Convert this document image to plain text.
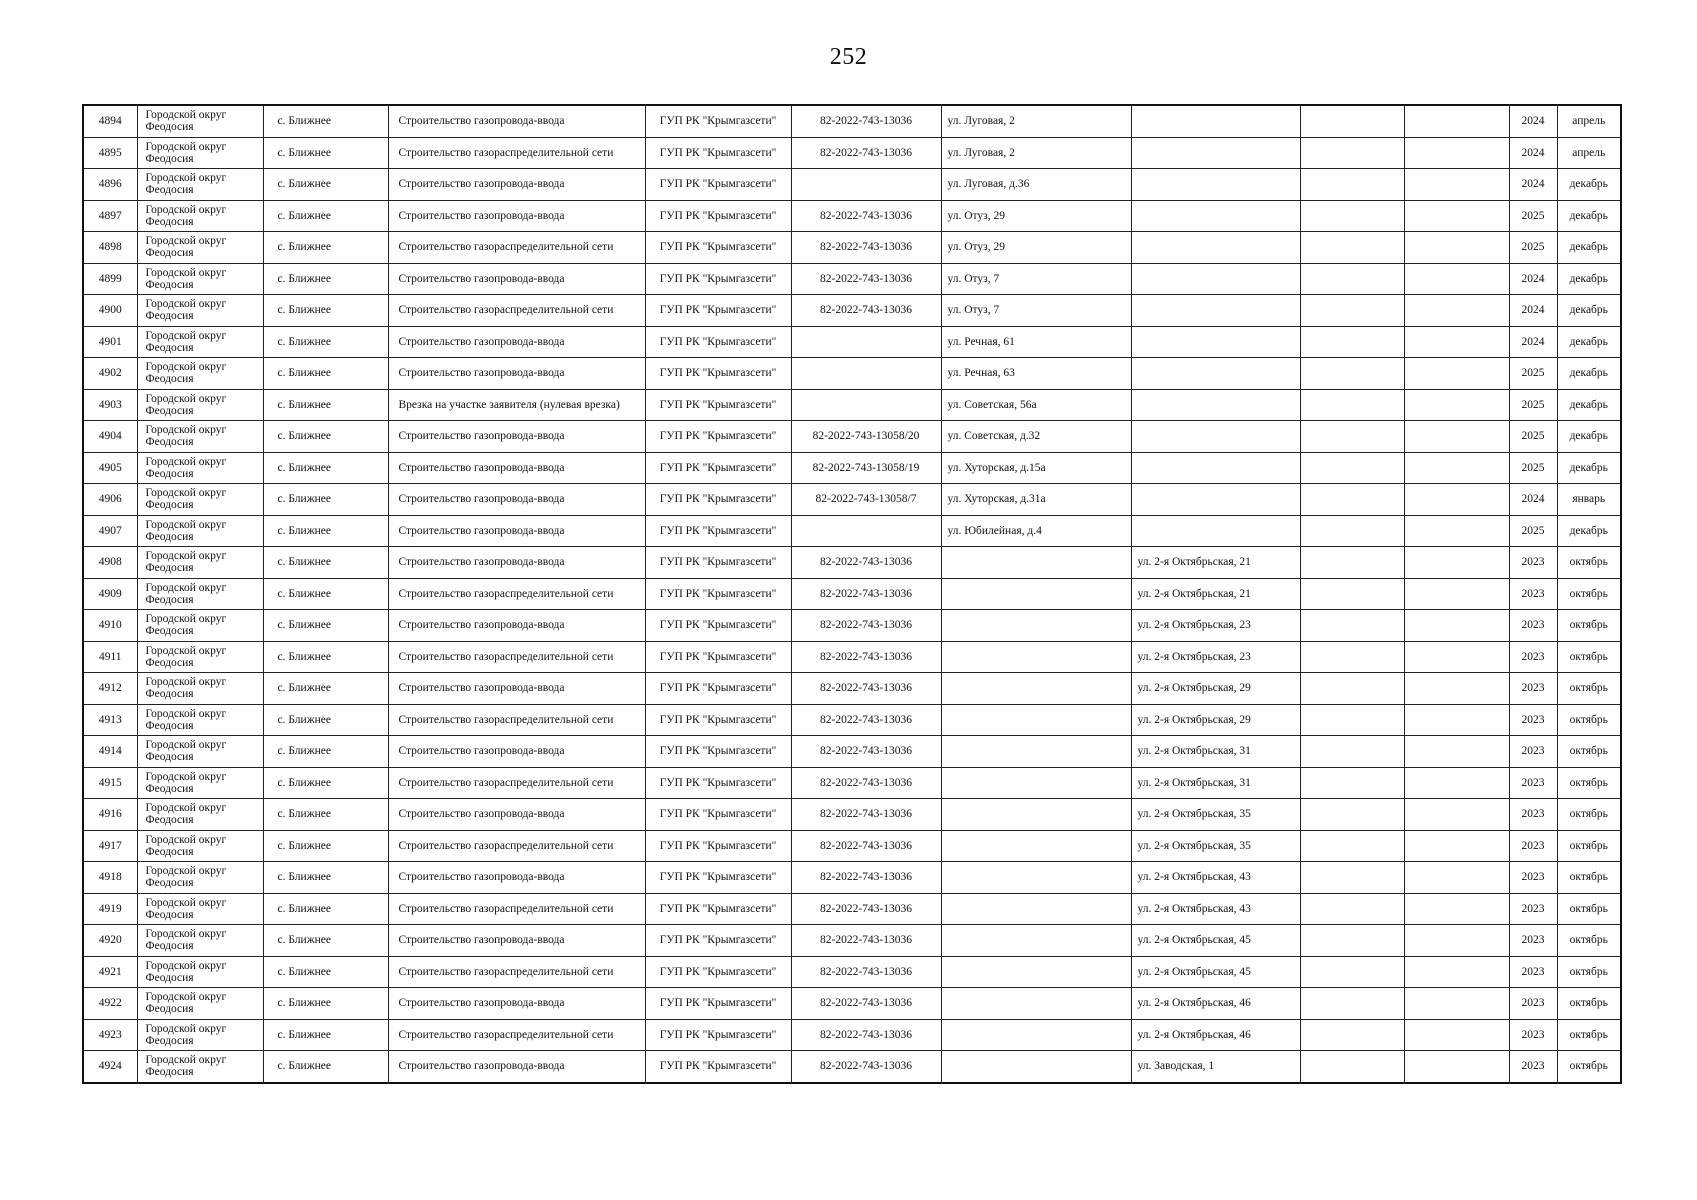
252
4894	Городской округ Феодосия	с. Ближнее	Строительство газопровода-ввода	ГУП РК "Крымгазсети"	82-2022-743-13036	ул. Луговая, 2				2024	апрель
4895	Городской округ Феодосия	с. Ближнее	Строительство газораспределительной сети	ГУП РК "Крымгазсети"	82-2022-743-13036	ул. Луговая, 2				2024	апрель
4896	Городской округ Феодосия	с. Ближнее	Строительство газопровода-ввода	ГУП РК "Крымгазсети"		ул. Луговая, д.36				2024	декабрь
4897	Городской округ Феодосия	с. Ближнее	Строительство газопровода-ввода	ГУП РК "Крымгазсети"	82-2022-743-13036	ул. Отуз, 29				2025	декабрь
4898	Городской округ Феодосия	с. Ближнее	Строительство газораспределительной сети	ГУП РК "Крымгазсети"	82-2022-743-13036	ул. Отуз, 29				2025	декабрь
4899	Городской округ Феодосия	с. Ближнее	Строительство газопровода-ввода	ГУП РК "Крымгазсети"	82-2022-743-13036	ул. Отуз, 7				2024	декабрь
4900	Городской округ Феодосия	с. Ближнее	Строительство газораспределительной сети	ГУП РК "Крымгазсети"	82-2022-743-13036	ул. Отуз, 7				2024	декабрь
4901	Городской округ Феодосия	с. Ближнее	Строительство газопровода-ввода	ГУП РК "Крымгазсети"		ул. Речная, 61				2024	декабрь
4902	Городской округ Феодосия	с. Ближнее	Строительство газопровода-ввода	ГУП РК "Крымгазсети"		ул. Речная, 63				2025	декабрь
4903	Городской округ Феодосия	с. Ближнее	Врезка на участке заявителя (нулевая врезка)	ГУП РК "Крымгазсети"		ул. Советская, 56а				2025	декабрь
4904	Городской округ Феодосия	с. Ближнее	Строительство газопровода-ввода	ГУП РК "Крымгазсети"	82-2022-743-13058/20	ул. Советская, д.32				2025	декабрь
4905	Городской округ Феодосия	с. Ближнее	Строительство газопровода-ввода	ГУП РК "Крымгазсети"	82-2022-743-13058/19	ул. Хуторская, д.15а				2025	декабрь
4906	Городской округ Феодосия	с. Ближнее	Строительство газопровода-ввода	ГУП РК "Крымгазсети"	82-2022-743-13058/7	ул. Хуторская, д.31а				2024	январь
4907	Городской округ Феодосия	с. Ближнее	Строительство газопровода-ввода	ГУП РК "Крымгазсети"		ул. Юбилейная, д.4				2025	декабрь
4908	Городской округ Феодосия	с. Ближнее	Строительство газопровода-ввода	ГУП РК "Крымгазсети"	82-2022-743-13036		ул. 2-я Октябрьская, 21			2023	октябрь
4909	Городской округ Феодосия	с. Ближнее	Строительство газораспределительной сети	ГУП РК "Крымгазсети"	82-2022-743-13036		ул. 2-я Октябрьская, 21			2023	октябрь
4910	Городской округ Феодосия	с. Ближнее	Строительство газопровода-ввода	ГУП РК "Крымгазсети"	82-2022-743-13036		ул. 2-я Октябрьская, 23			2023	октябрь
4911	Городской округ Феодосия	с. Ближнее	Строительство газораспределительной сети	ГУП РК "Крымгазсети"	82-2022-743-13036		ул. 2-я Октябрьская, 23			2023	октябрь
4912	Городской округ Феодосия	с. Ближнее	Строительство газопровода-ввода	ГУП РК "Крымгазсети"	82-2022-743-13036		ул. 2-я Октябрьская, 29			2023	октябрь
4913	Городской округ Феодосия	с. Ближнее	Строительство газораспределительной сети	ГУП РК "Крымгазсети"	82-2022-743-13036		ул. 2-я Октябрьская, 29			2023	октябрь
4914	Городской округ Феодосия	с. Ближнее	Строительство газопровода-ввода	ГУП РК "Крымгазсети"	82-2022-743-13036		ул. 2-я Октябрьская, 31			2023	октябрь
4915	Городской округ Феодосия	с. Ближнее	Строительство газораспределительной сети	ГУП РК "Крымгазсети"	82-2022-743-13036		ул. 2-я Октябрьская, 31			2023	октябрь
4916	Городской округ Феодосия	с. Ближнее	Строительство газопровода-ввода	ГУП РК "Крымгазсети"	82-2022-743-13036		ул. 2-я Октябрьская, 35			2023	октябрь
4917	Городской округ Феодосия	с. Ближнее	Строительство газораспределительной сети	ГУП РК "Крымгазсети"	82-2022-743-13036		ул. 2-я Октябрьская, 35			2023	октябрь
4918	Городской округ Феодосия	с. Ближнее	Строительство газопровода-ввода	ГУП РК "Крымгазсети"	82-2022-743-13036		ул. 2-я Октябрьская, 43			2023	октябрь
4919	Городской округ Феодосия	с. Ближнее	Строительство газораспределительной сети	ГУП РК "Крымгазсети"	82-2022-743-13036		ул. 2-я Октябрьская, 43			2023	октябрь
4920	Городской округ Феодосия	с. Ближнее	Строительство газопровода-ввода	ГУП РК "Крымгазсети"	82-2022-743-13036		ул. 2-я Октябрьская, 45			2023	октябрь
4921	Городской округ Феодосия	с. Ближнее	Строительство газораспределительной сети	ГУП РК "Крымгазсети"	82-2022-743-13036		ул. 2-я Октябрьская, 45			2023	октябрь
4922	Городской округ Феодосия	с. Ближнее	Строительство газопровода-ввода	ГУП РК "Крымгазсети"	82-2022-743-13036		ул. 2-я Октябрьская, 46			2023	октябрь
4923	Городской округ Феодосия	с. Ближнее	Строительство газораспределительной сети	ГУП РК "Крымгазсети"	82-2022-743-13036		ул. 2-я Октябрьская, 46			2023	октябрь
4924	Городской округ Феодосия	с. Ближнее	Строительство газопровода-ввода	ГУП РК "Крымгазсети"	82-2022-743-13036		ул. Заводская, 1			2023	октябрь
